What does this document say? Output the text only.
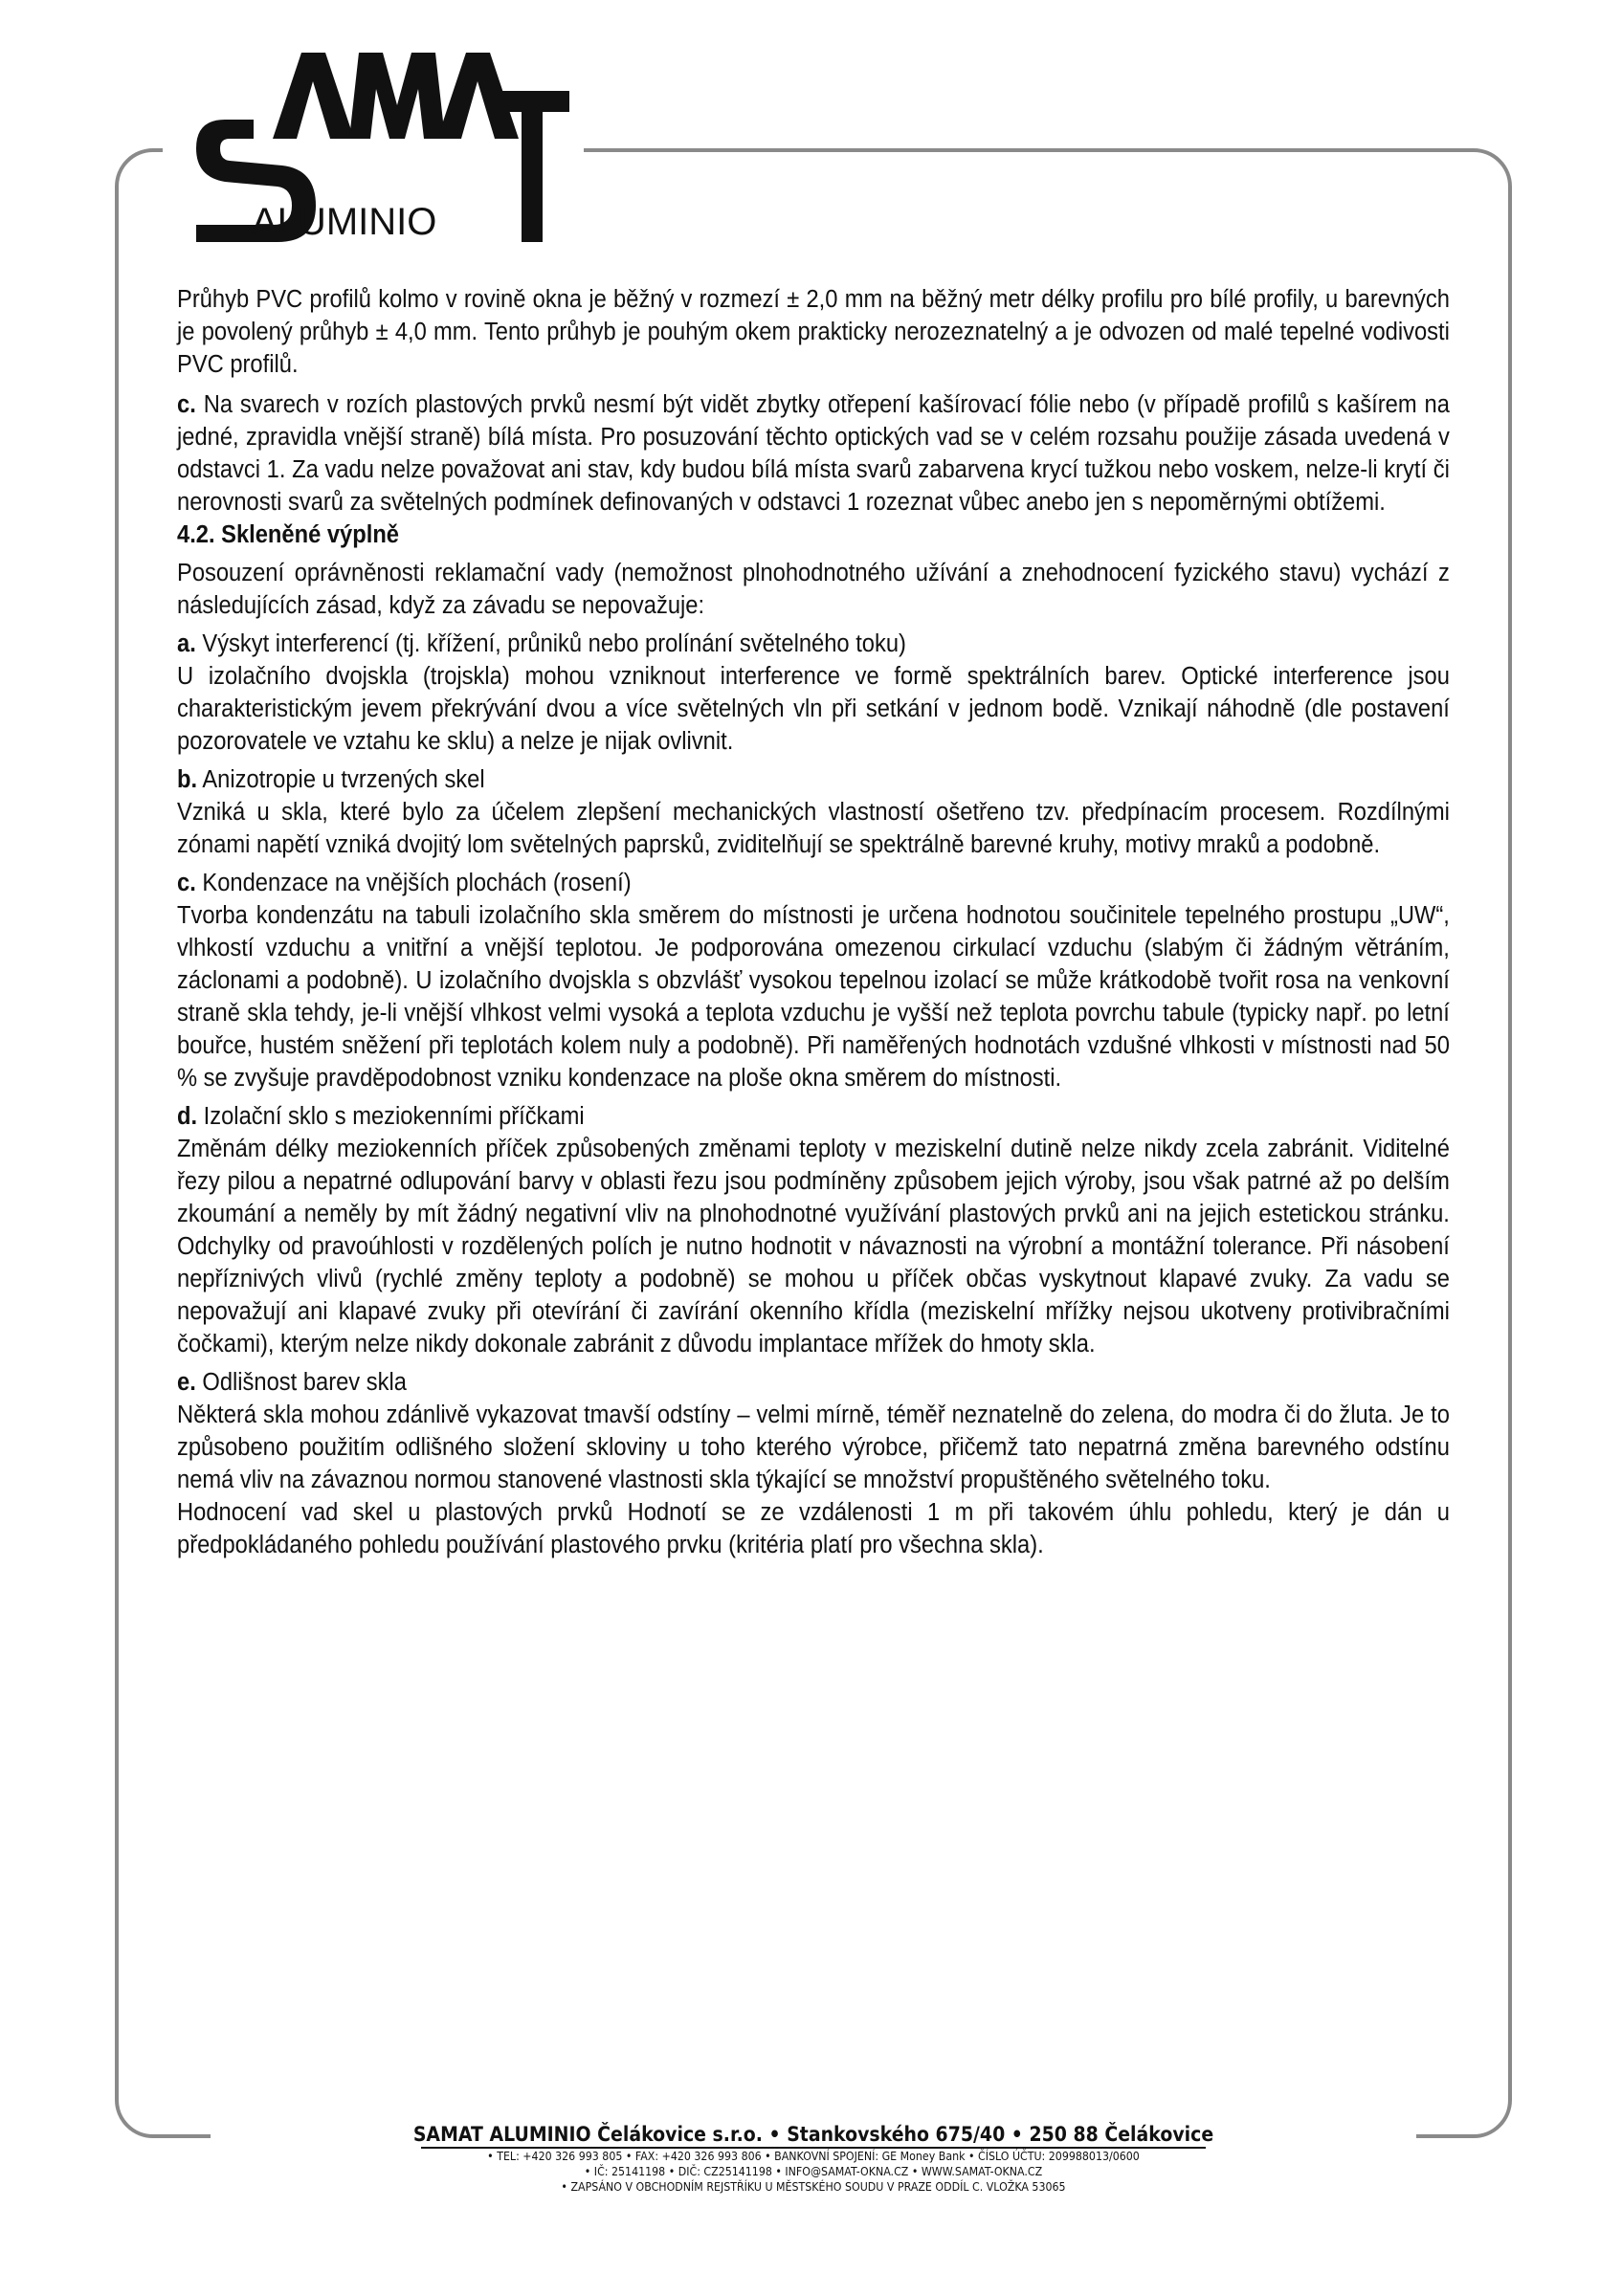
ALUMINIO

Průhyb PVC profilů kolmo v rovině okna je běžný v rozmezí ± 2,0 mm na běžný metr délky profilu pro bílé profily, u barevných je povolený průhyb ± 4,0 mm. Tento průhyb je pouhým okem prakticky nerozeznatelný a je odvozen od malé tepelné vodivosti PVC profilů.

c. Na svarech v rozích plastových prvků nesmí být vidět zbytky otřepení kašírovací fólie nebo (v případě profilů s kašírem na jedné, zpravidla vnější straně) bílá místa. Pro posuzování těchto optických vad se v celém rozsahu použije zásada uvedená v odstavci 1. Za vadu nelze považovat ani stav, kdy budou bílá místa svarů zabarvena krycí tužkou nebo voskem, nelze-li krytí či nerovnosti svarů za světelných podmínek definovaných v odstavci 1 rozeznat vůbec anebo jen s nepoměrnými obtížemi.

4.2. Skleněné výplně

Posouzení oprávněnosti reklamační vady (nemožnost plnohodnotného užívání a znehodnocení fyzického stavu) vychází z následujících zásad, když za závadu se nepovažuje:

a. Výskyt interferencí (tj. křížení, průniků nebo prolínání světelného toku)

U izolačního dvojskla (trojskla) mohou vzniknout interference ve formě spektrálních barev. Optické interference jsou charakteristickým jevem překrývání dvou a více světelných vln při setkání v jednom bodě. Vznikají náhodně (dle postavení pozorovatele ve vztahu ke sklu) a nelze je nijak ovlivnit.

b. Anizotropie u tvrzených skel

Vzniká u skla, které bylo za účelem zlepšení mechanických vlastností ošetřeno tzv. předpínacím procesem. Rozdílnými zónami napětí vzniká dvojitý lom světelných paprsků, zviditelňují se spektrálně barevné kruhy, motivy mraků a podobně.

c. Kondenzace na vnějších plochách (rosení)

Tvorba kondenzátu na tabuli izolačního skla směrem do místnosti je určena hodnotou součinitele tepelného prostupu „UW“, vlhkostí vzduchu a vnitřní a vnější teplotou. Je podporována omezenou cirkulací vzduchu (slabým či žádným větráním, záclonami a podobně). U izolačního dvojskla s obzvlášť vysokou tepelnou izolací se může krátkodobě tvořit rosa na venkovní straně skla tehdy, je-li vnější vlhkost velmi vysoká a teplota vzduchu je vyšší než teplota povrchu tabule (typicky např. po letní bouřce, hustém sněžení při teplotách kolem nuly a podobně). Při naměřených hodnotách vzdušné vlhkosti v místnosti nad 50 % se zvyšuje pravděpodobnost vzniku kondenzace na ploše okna směrem do místnosti.

d. Izolační sklo s meziokenními příčkami

Změnám délky meziokenních příček způsobených změnami teploty v meziskelní dutině nelze nikdy zcela zabránit. Viditelné řezy pilou a nepatrné odlupování barvy v oblasti řezu jsou podmíněny způsobem jejich výroby, jsou však patrné až po delším zkoumání a neměly by mít žádný negativní vliv na plnohodnotné využívání plastových prvků ani na jejich estetickou stránku. Odchylky od pravoúhlosti v rozdělených polích je nutno hodnotit v návaznosti na výrobní a montážní tolerance. Při násobení nepříznivých vlivů (rychlé změny teploty a podobně) se mohou u příček občas vyskytnout klapavé zvuky. Za vadu se nepovažují ani klapavé zvuky při otevírání či zavírání okenního křídla (meziskelní mřížky nejsou ukotveny protivibračními čočkami), kterým nelze nikdy dokonale zabránit z důvodu implantace mřížek do hmoty skla.

e. Odlišnost barev skla

Některá skla mohou zdánlivě vykazovat tmavší odstíny – velmi mírně, téměř neznatelně do zelena, do modra či do žluta. Je to způsobeno použitím odlišného složení skloviny u toho kterého výrobce, přičemž tato nepatrná změna barevného odstínu nemá vliv na závaznou normou stanovené vlastnosti skla týkající se množství propuštěného světelného toku.

Hodnocení vad skel u plastových prvků Hodnotí se ze vzdálenosti 1 m při takovém úhlu pohledu, který je dán u předpokládaného pohledu používání plastového prvku (kritéria platí pro všechna skla).

SAMAT ALUMINIO Čelákovice s.r.o. • Stankovského 675/40 • 250 88 Čelákovice
• TEL: +420 326 993 805 • FAX: +420 326 993 806 • BANKOVNÍ SPOJENÍ: GE Money Bank • ČÍSLO ÚČTU: 209988013/0600
• IČ: 25141198 • DIČ: CZ25141198 • INFO@SAMAT-OKNA.CZ • WWW.SAMAT-OKNA.CZ
• ZAPSÁNO V OBCHODNÍM REJSTŘÍKU U MĚSTSKÉHO SOUDU V PRAZE ODDÍL C. VLOŽKA 53065
